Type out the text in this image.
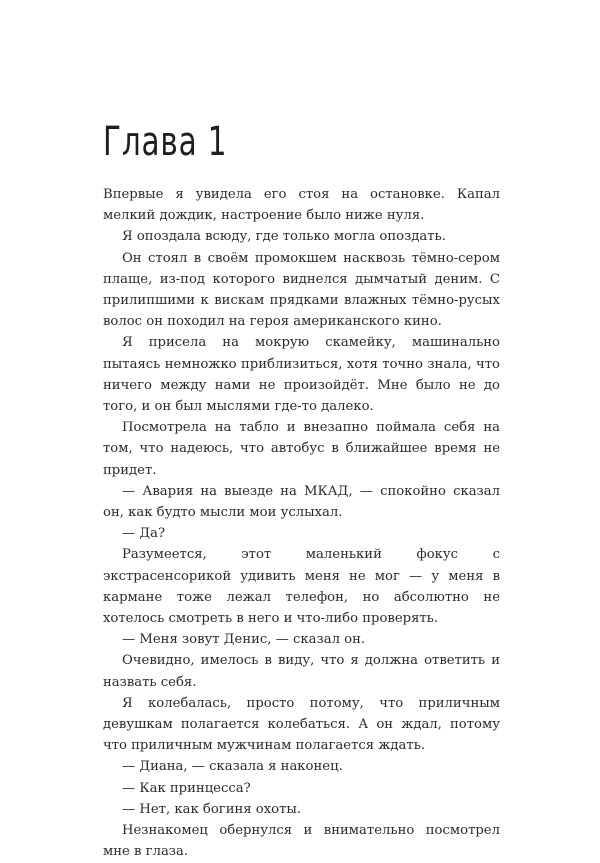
Глава 1

Впервые я увидела его стоя на остановке. Капал мелкий дождик, настроение было ниже нуля.

Я опоздала всюду, где только могла опоздать.

Он стоял в своём промокшем насквозь тёмно-сером плаще, из-под которого виднелся дымчатый деним. С прилипшими к вискам прядками влажных тёмно-русых волос он походил на героя американского кино.

Я присела на мокрую скамейку, машинально пытаясь немножко приблизиться, хотя точно знала, что ничего между нами не произойдёт. Мне было не до того, и он был мыслями где-то далеко.

Посмотрела на табло и внезапно поймала себя на том, что надеюсь, что автобус в ближайшее время не придет.

— Авария на выезде на МКАД, — спокойно сказал он, как будто мысли мои услыхал.

— Да?

Разумеется, этот маленький фокус с экстрасенсорикой удивить меня не мог — у меня в кармане тоже лежал телефон, но абсолютно не хотелось смотреть в него и что-либо проверять.

— Меня зовут Денис, — сказал он.

Очевидно, имелось в виду, что я должна ответить и назвать себя.

Я колебалась, просто потому, что приличным девушкам полагается колебаться. А он ждал, потому что приличным мужчинам полагается ждать.

— Диана, — сказала я наконец.

— Как принцесса?

— Нет, как богиня охоты.

Незнакомец обернулся и внимательно посмотрел мне в глаза.
